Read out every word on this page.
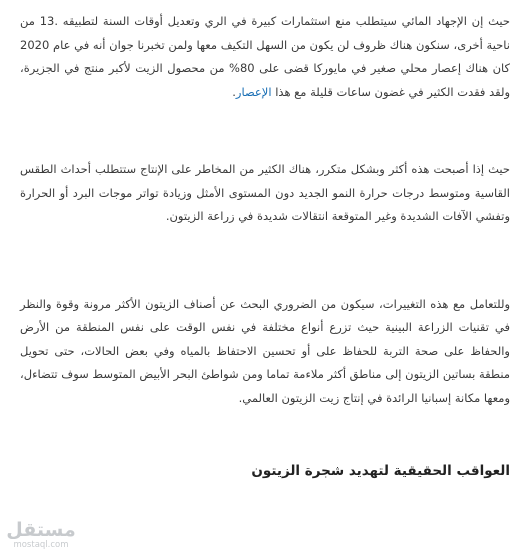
حيث إن الإجهاد المائي سيتطلب منع استثمارات كبيرة في الري وتعديل أوقات السنة لتطبيقه .13 من ناحية أخرى، سنكون هناك ظروف لن يكون من السهل التكيف معها ولمن تخبرنا جوان أنه في عام 2020 كان هناك إعصار محلي صغير في مايوركا قضى على 80% من محصول الزيت لأكبر منتج في الجزيرة، ولقد فقدت الكثير في غضون ساعات قليلة مع هذا الإعصار.

حيث إذا أصبحت هذه أكثر وبشكل متكرر، هناك الكثير من المخاطر على الإنتاج ستتطلب أحداث الطقس القاسية ومتوسط درجات حرارة النمو الجديد دون المستوى الأمثل وزيادة تواتر موجات البرد أو الحرارة وتفشي الآفات الشديدة وغير المتوقعة انتقالات شديدة في زراعة الزيتون.

وللتعامل مع هذه التغييرات، سيكون من الضروري البحث عن أصناف الزيتون الأكثر مرونة وقوة والنظر في تقنيات الزراعة البينية حيث تزرع أنواع مختلفة في نفس الوقت على نفس المنطقة من الأرض والحفاظ على صحة التربة للحفاظ على أو تحسين الاحتفاظ بالمياه وفي بعض الحالات، حتى تحويل منطقة بساتين الزيتون إلى مناطق أكثر ملاءمة تماما ومن شواطئ البحر الأبيض المتوسط سوف تتضاءل، ومعها مكانة إسبانيا الرائدة في إنتاج زيت الزيتون العالمي.

العواقب الحقيقية لتهديد شجرة الزيتون
مستقل
mostaql.com
